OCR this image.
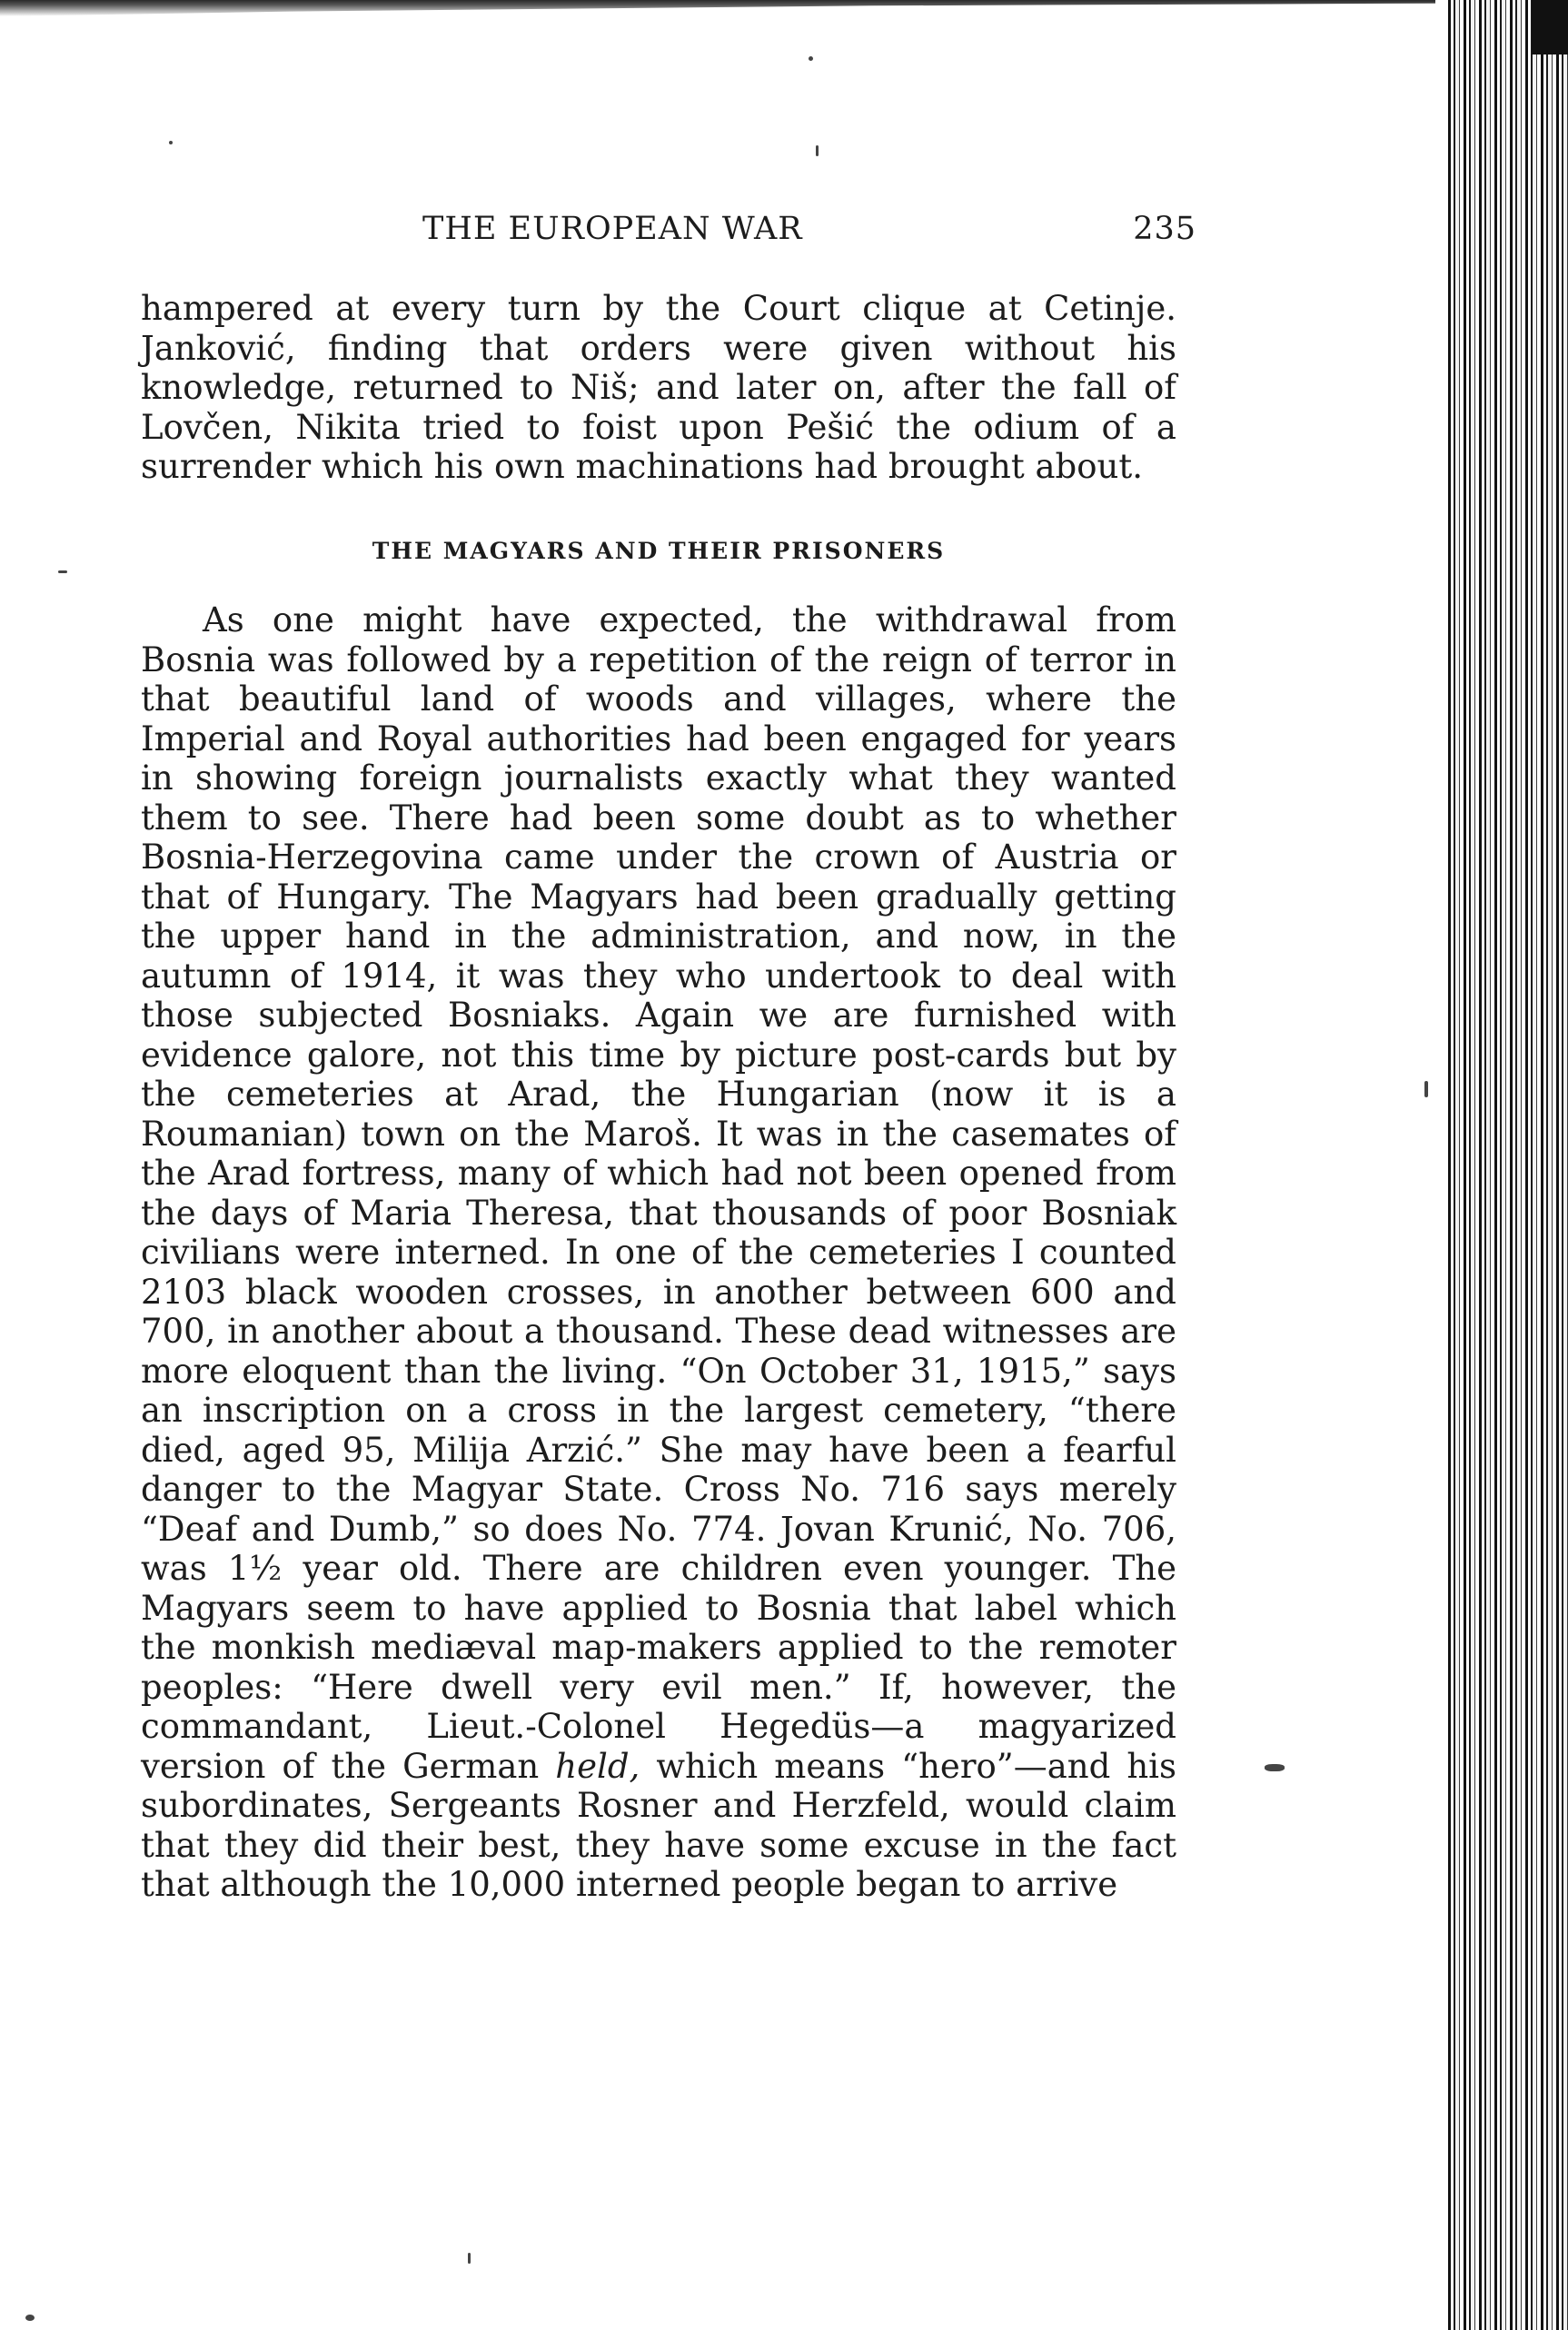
THE EUROPEAN WAR	235

hampered at every turn by the Court clique at Cetinje. Janković, finding that orders were given without his knowledge, returned to Niš; and later on, after the fall of Lovčen, Nikita tried to foist upon Pešić the odium of a surrender which his own machinations had brought about.

THE MAGYARS AND THEIR PRISONERS

As one might have expected, the withdrawal from Bosnia was followed by a repetition of the reign of terror in that beautiful land of woods and villages, where the Imperial and Royal authorities had been engaged for years in showing foreign journalists exactly what they wanted them to see. There had been some doubt as to whether Bosnia-Herzegovina came under the crown of Austria or that of Hungary. The Magyars had been gradually getting the upper hand in the administration, and now, in the autumn of 1914, it was they who undertook to deal with those subjected Bosniaks. Again we are furnished with evidence galore, not this time by picture post-cards but by the cemeteries at Arad, the Hungarian (now it is a Roumanian) town on the Maroš. It was in the casemates of the Arad fortress, many of which had not been opened from the days of Maria Theresa, that thousands of poor Bosniak civilians were interned. In one of the cemeteries I counted 2103 black wooden crosses, in another between 600 and 700, in another about a thousand. These dead witnesses are more eloquent than the living. “On October 31, 1915,” says an inscription on a cross in the largest cemetery, “there died, aged 95, Milija Arzić.” She may have been a fearful danger to the Magyar State. Cross No. 716 says merely “Deaf and Dumb,” so does No. 774. Jovan Krunić, No. 706, was 1½ year old. There are children even younger. The Magyars seem to have applied to Bosnia that label which the monkish mediæval map-makers applied to the remoter peoples: “Here dwell very evil men.” If, however, the commandant, Lieut.-Colonel Hegedüs—a magyarized version of the German held, which means “hero”—and his subordinates, Sergeants Rosner and Herzfeld, would claim that they did their best, they have some excuse in the fact that although the 10,000 interned people began to arrive
